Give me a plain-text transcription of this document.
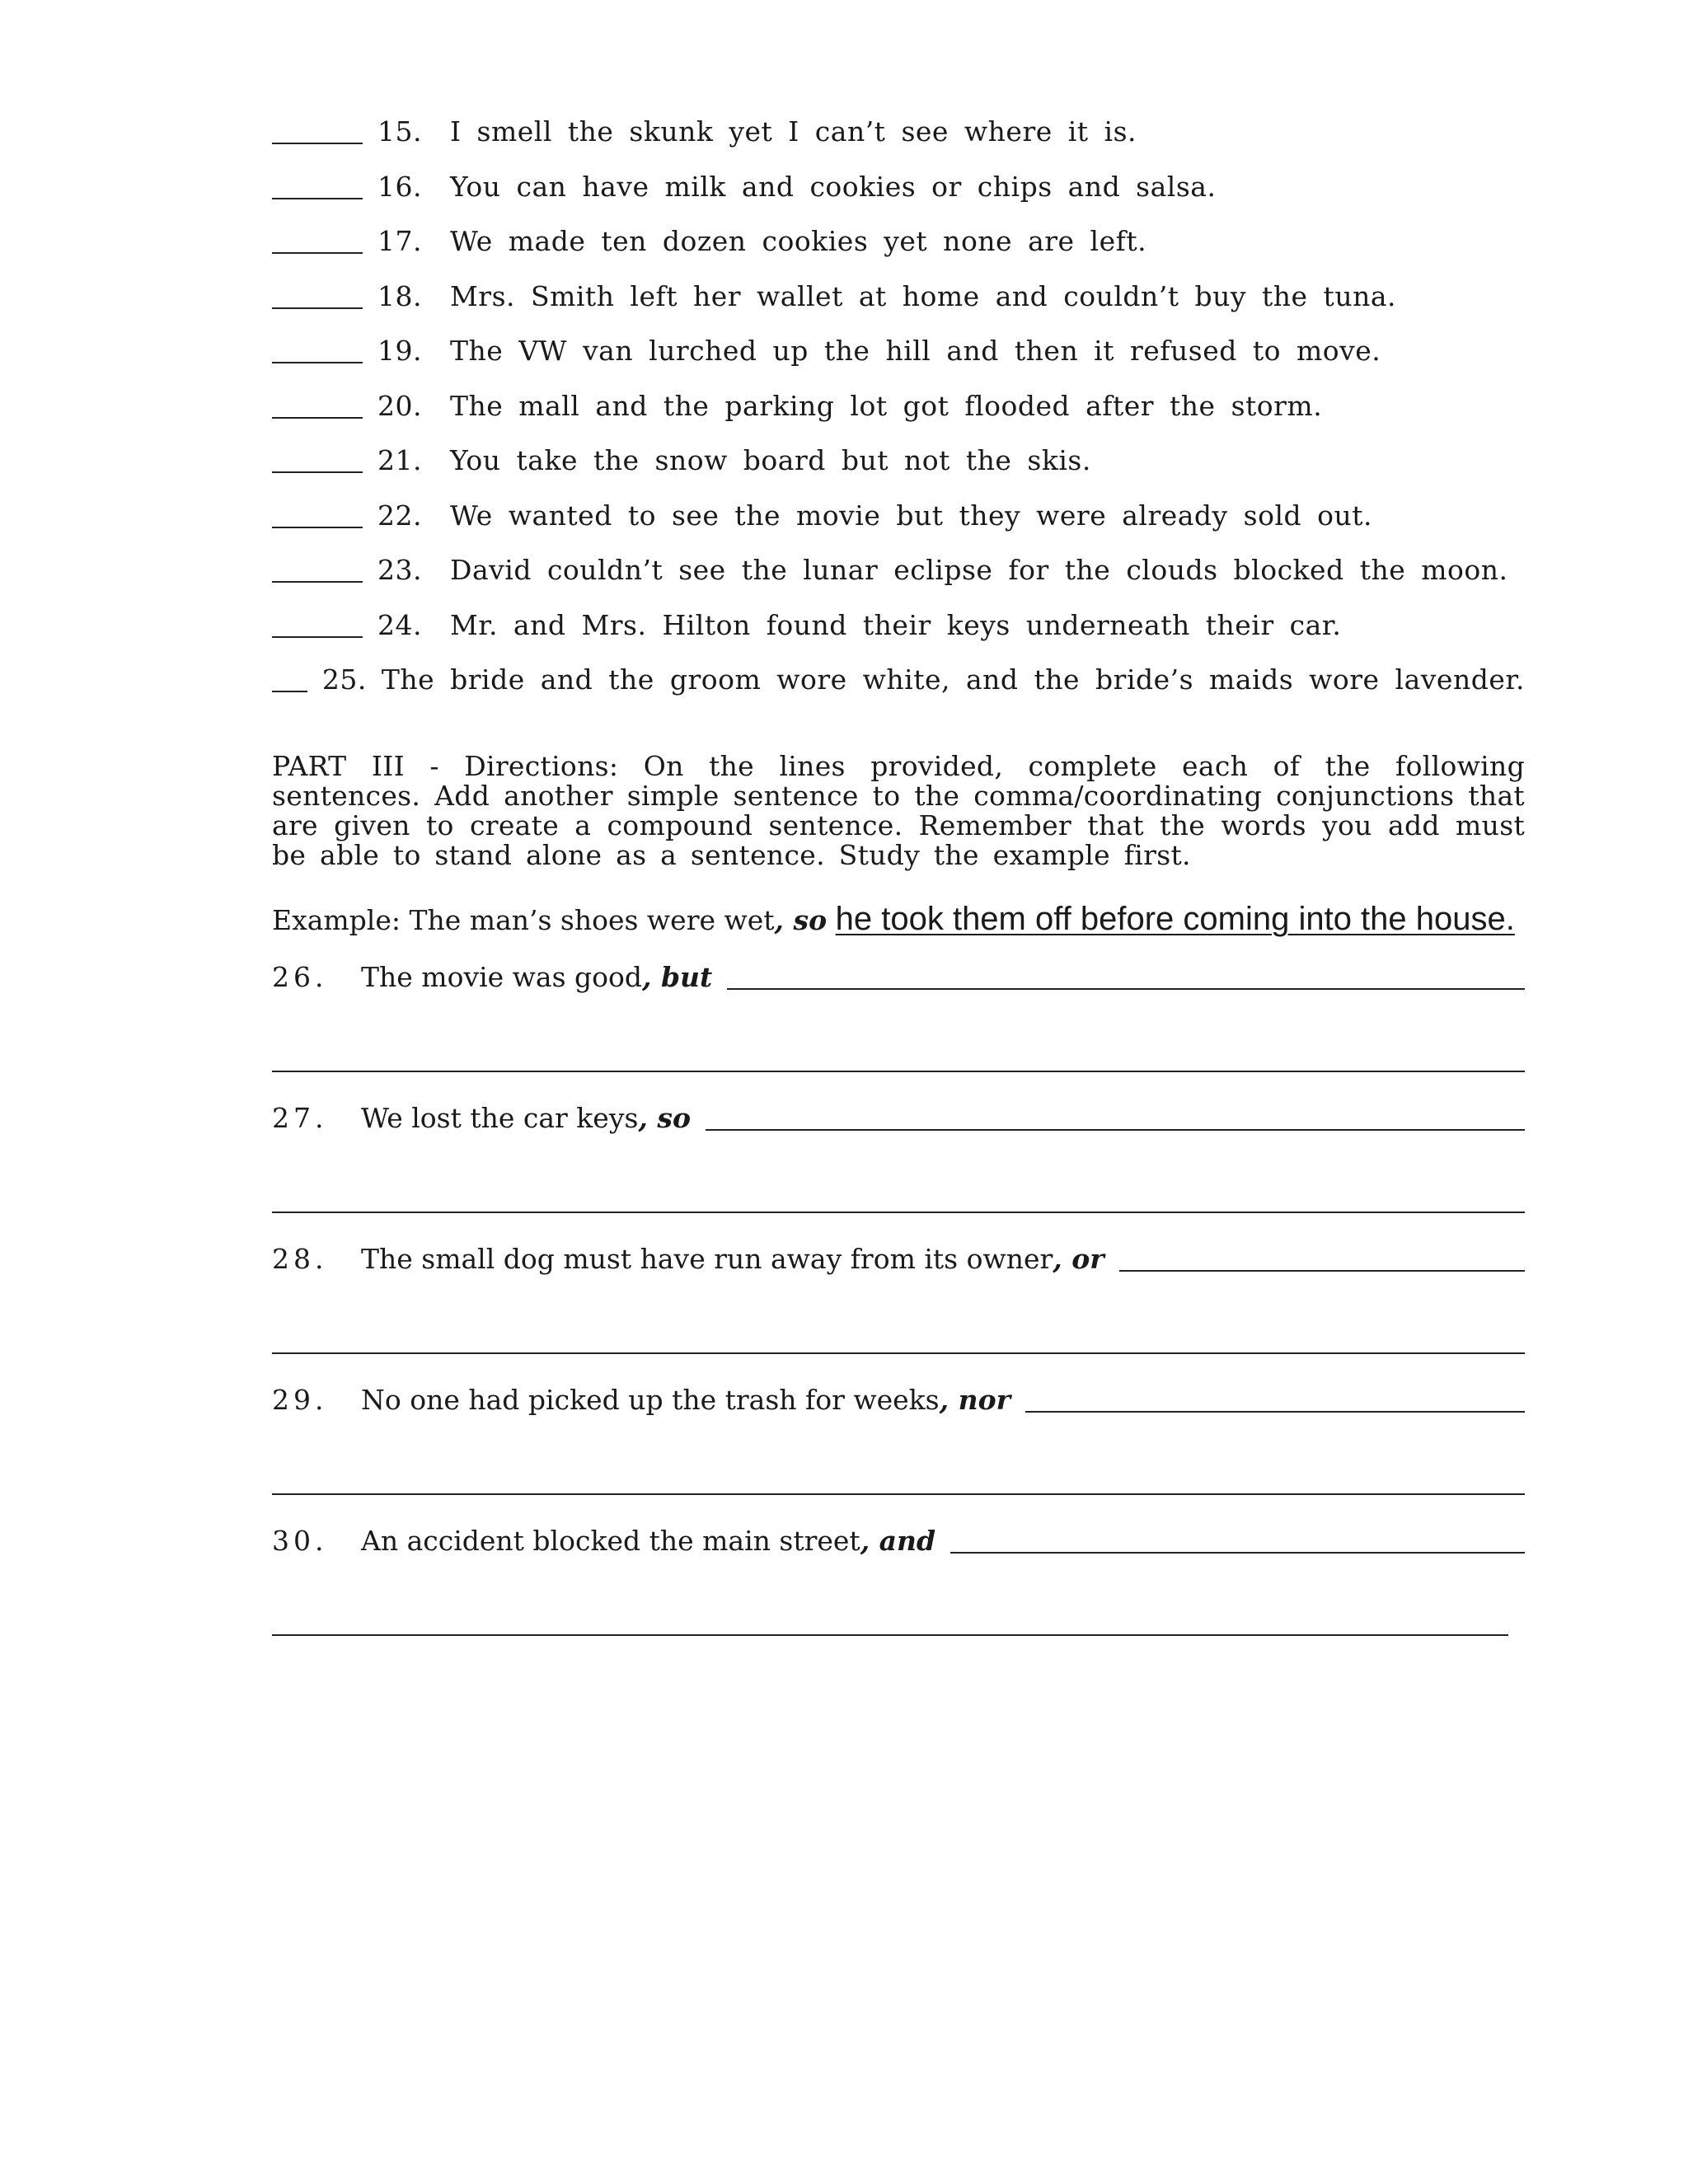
15.	I smell the skunk yet I can’t see where it is.
16.	You can have milk and cookies or chips and salsa.
17.	We made ten dozen cookies yet none are left.
18.	Mrs. Smith left her wallet at home and couldn’t buy the tuna.
19.	The VW van lurched up the hill and then it refused to move.
20.	The mall and the parking lot got flooded after the storm.
21.	You take the snow board but not the skis.
22.	We wanted to see the movie but they were already sold out.
23.	David couldn’t see the lunar eclipse for the clouds blocked the moon.
24.	Mr. and Mrs. Hilton found their keys underneath their car.
25. The bride and the groom wore white, and the bride’s maids wore lavender.
PART III - Directions: On the lines provided, complete each of the following sentences. Add another simple sentence to the comma/coordinating conjunctions that are given to create a compound sentence. Remember that the words you add must be able to stand alone as a sentence. Study the example first.
Example: The man’s shoes were wet, so he took them off before coming into the house.
26.	The movie was good , but
27.	We lost the car keys , so
28.	The small dog must have run away from its owner , or
29.	No one had picked up the trash for weeks , nor
30.	An accident blocked the main street , and
